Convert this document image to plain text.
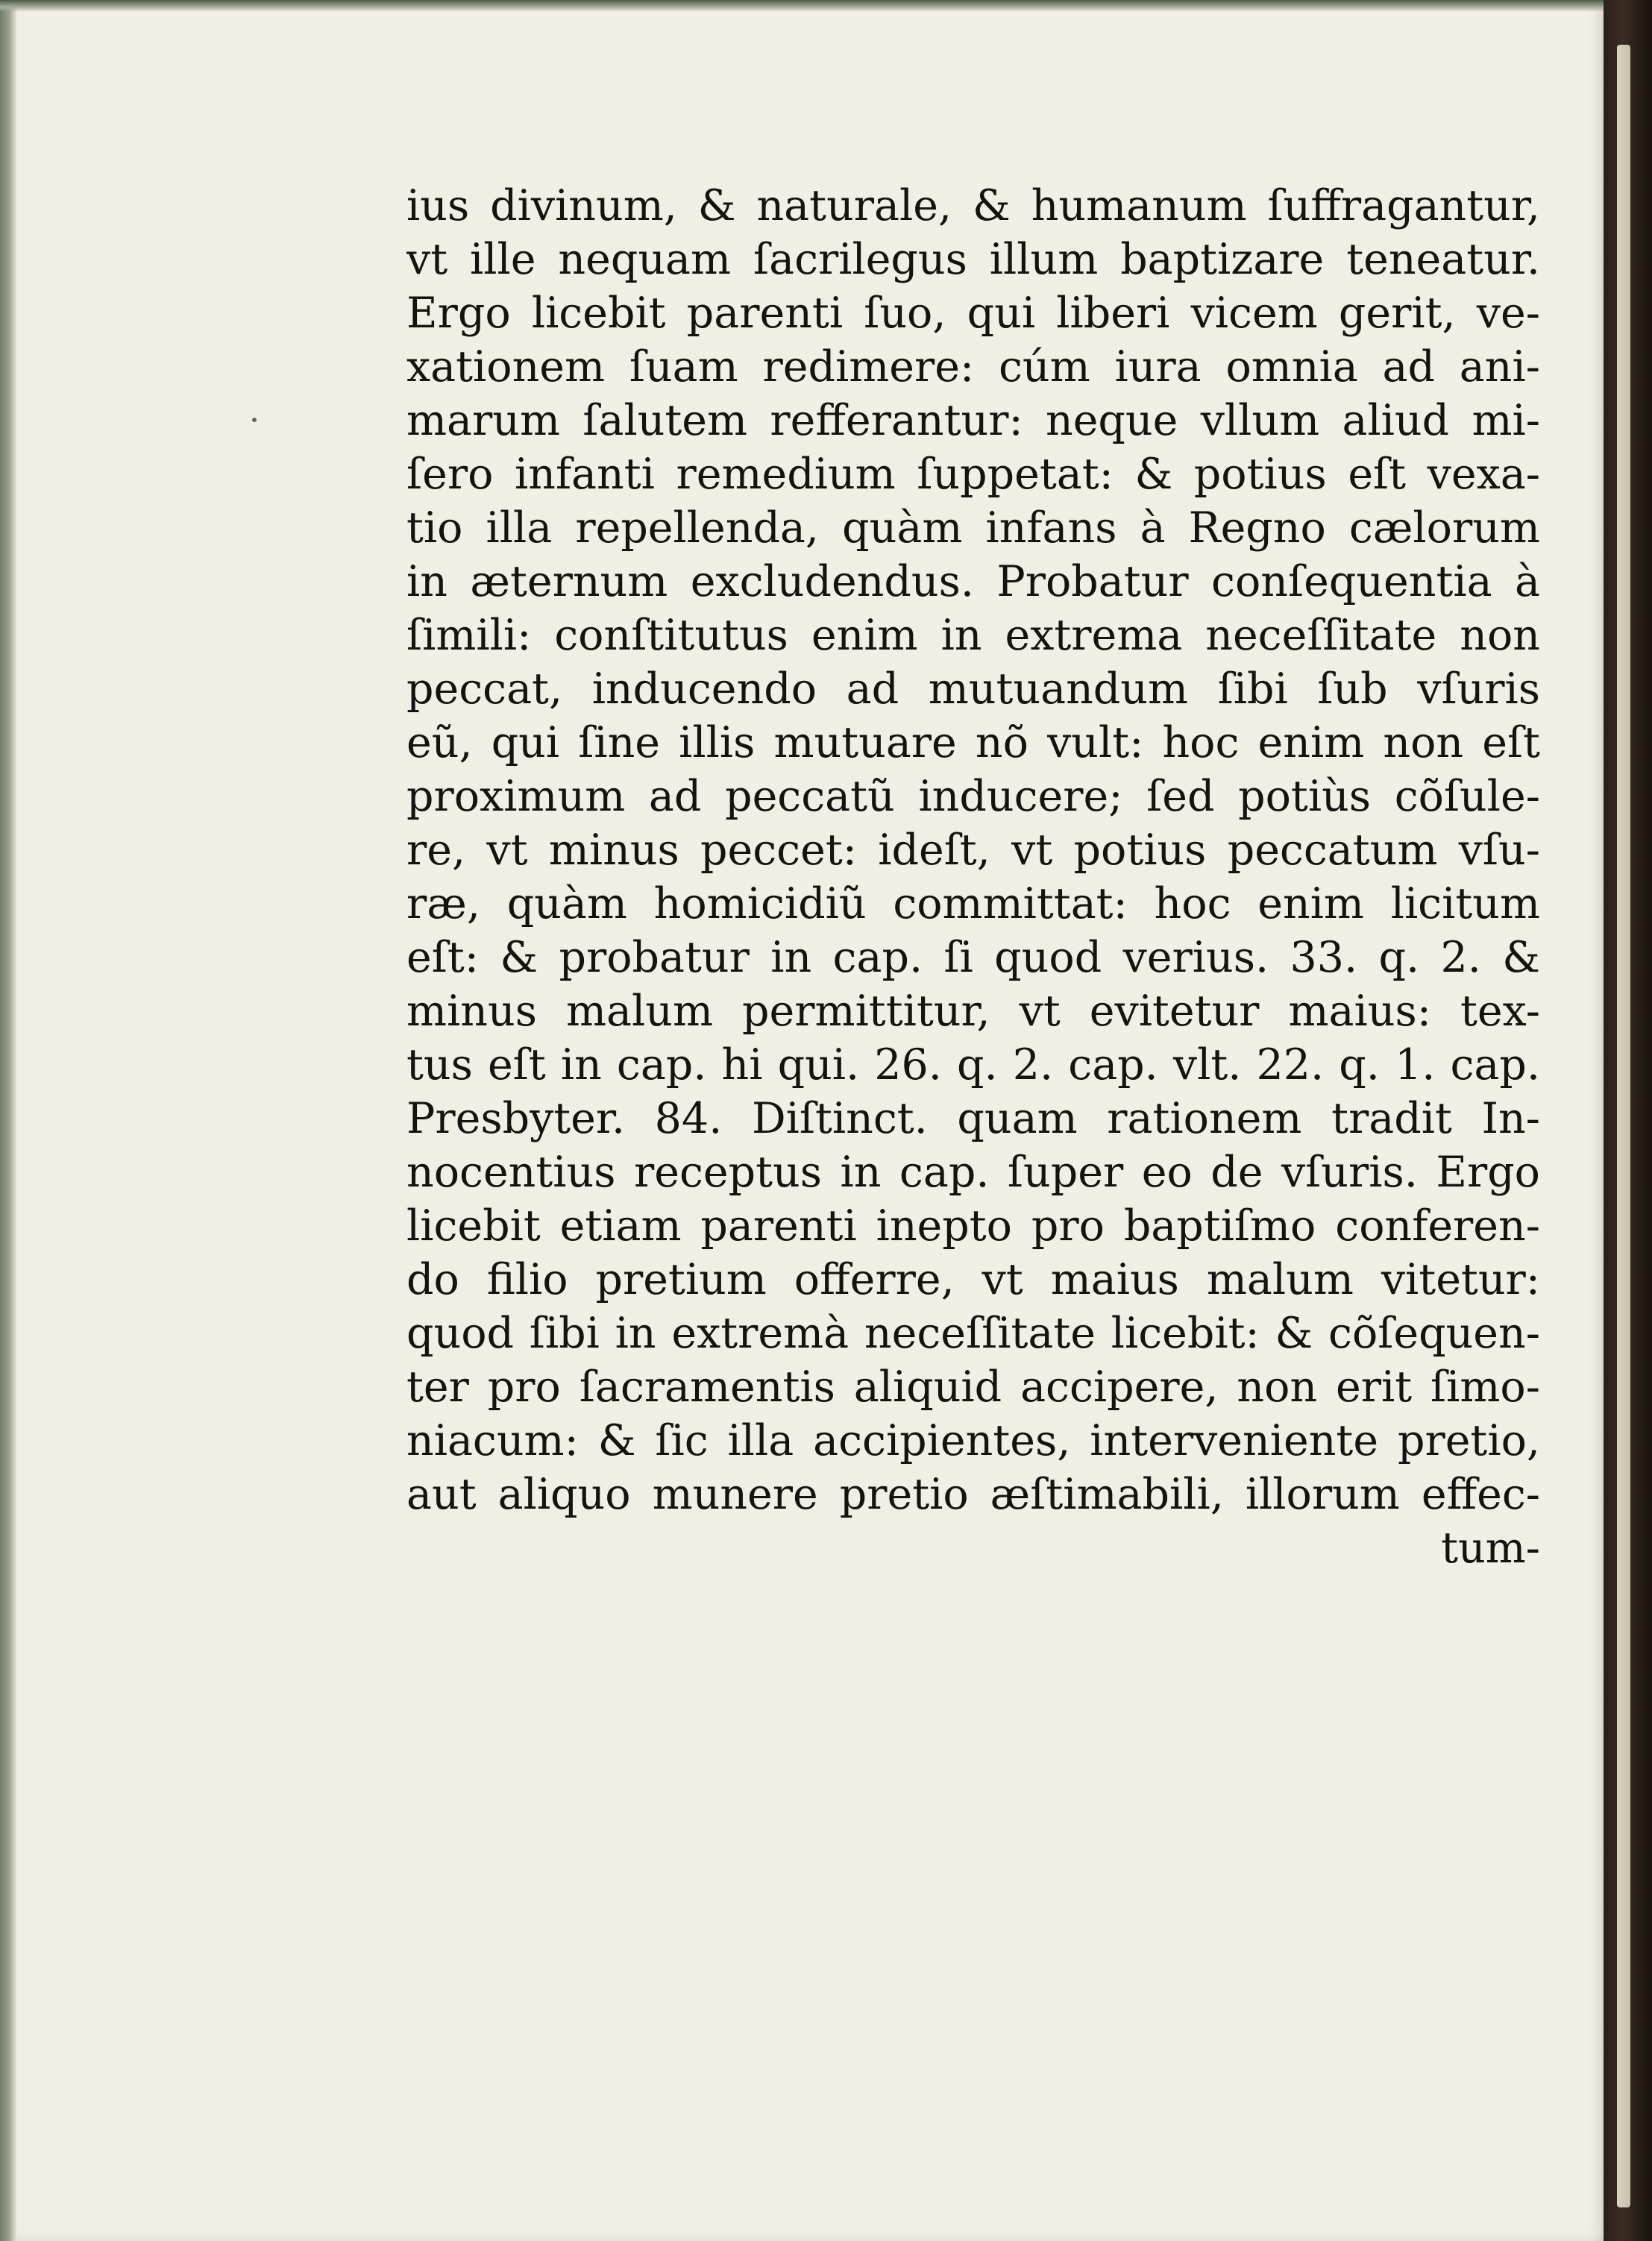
ius divinum, & naturale, & humanum ſuffragantur,
vt ille nequam ſacrilegus illum baptizare teneatur.
Ergo licebit parenti ſuo, qui liberi vicem gerit, ve-
xationem ſuam redimere: cúm iura omnia ad ani-
marum ſalutem refferantur: neque vllum aliud mi-
ſero infanti remedium ſuppetat: & potius eſt vexa-
tio illa repellenda, quàm infans à Regno cælorum
in æternum excludendus. Probatur conſequentia à
ſimili: conſtitutus enim in extrema neceſſitate non
peccat, inducendo ad mutuandum ſibi ſub vſuris
eũ, qui ſine illis mutuare nõ vult: hoc enim non eſt
proximum ad peccatũ inducere; ſed potiùs cõſule-
re, vt minus peccet: ideſt, vt potius peccatum vſu-
ræ, quàm homicidiũ committat: hoc enim licitum
eſt: & probatur in cap. ſi quod verius. 33. q. 2. &
minus malum permittitur, vt evitetur maius: tex-
tus eſt in cap. hi qui. 26. q. 2. cap. vlt. 22. q. 1. cap.
Presbyter. 84. Diſtinct. quam rationem tradit In-
nocentius receptus in cap. ſuper eo de vſuris. Ergo
licebit etiam parenti inepto pro baptiſmo conferen-
do filio pretium offerre, vt maius malum vitetur:
quod ſibi in extremà neceſſitate licebit: & cõſequen-
ter pro ſacramentis aliquid accipere, non erit ſimo-
niacum: & ſic illa accipientes, interveniente pretio,
aut aliquo munere pretio æſtimabili, illorum effec-
tum-
